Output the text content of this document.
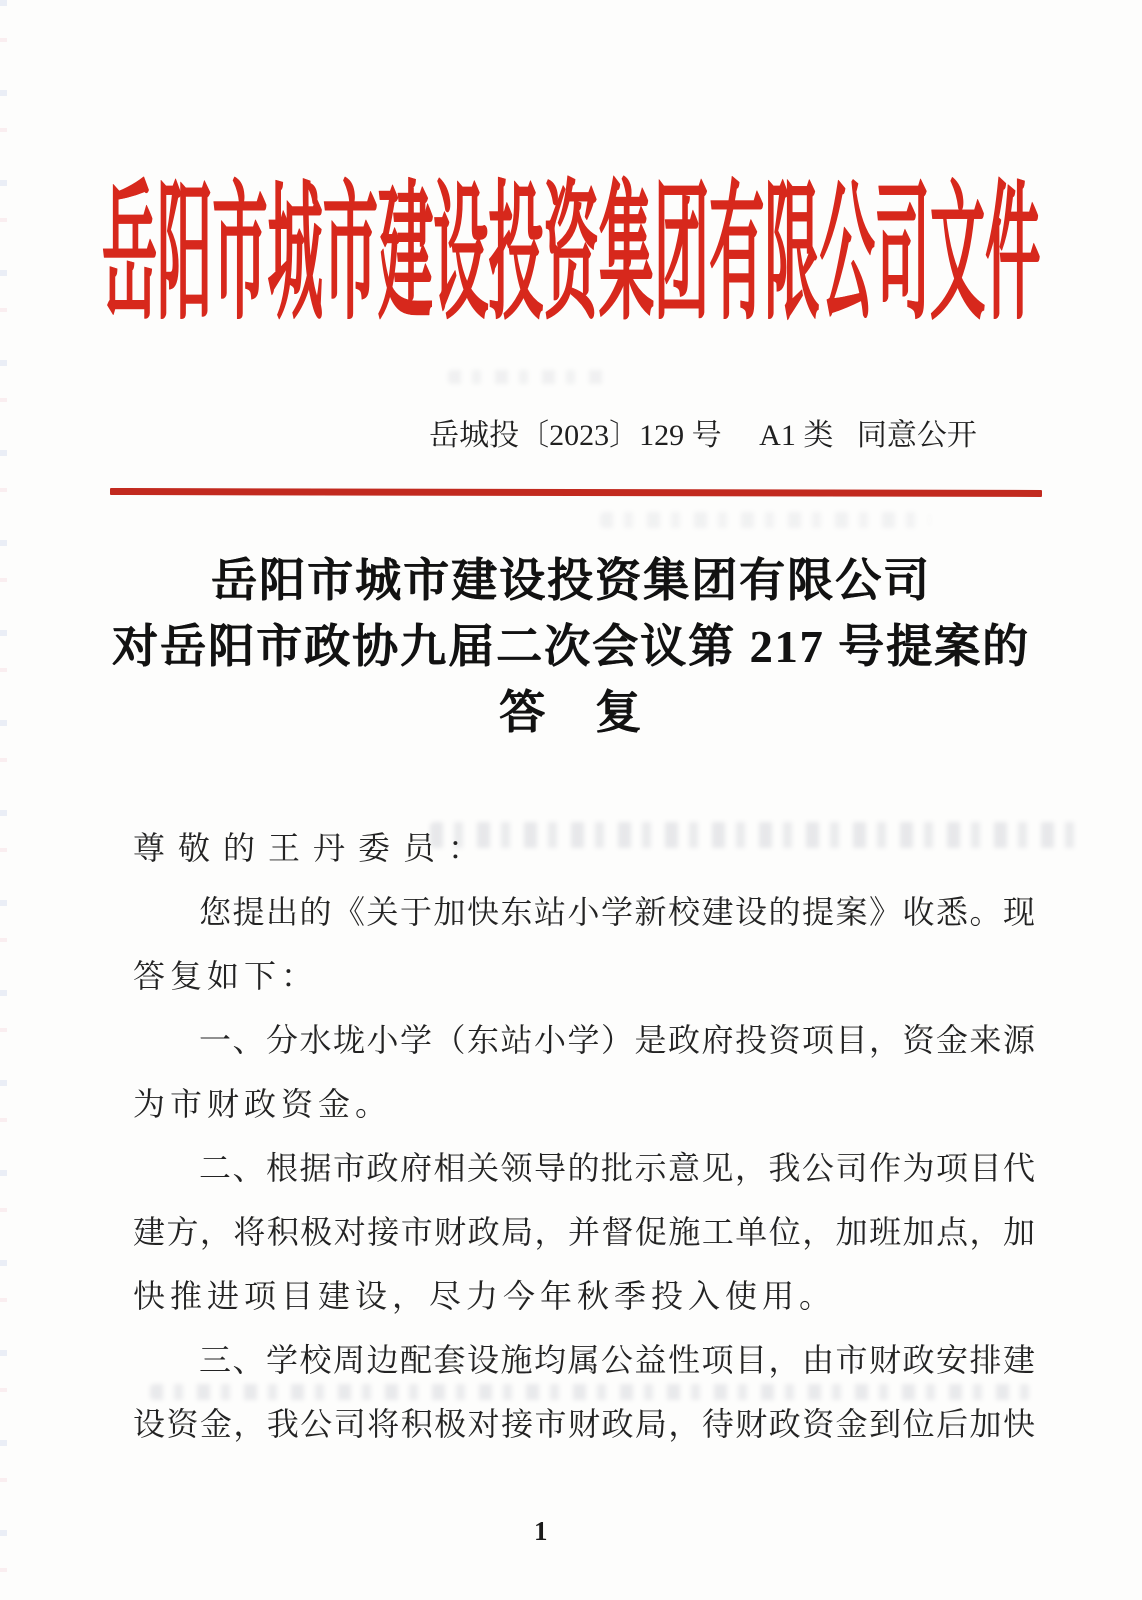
岳阳市城市建设投资集团有限公司文件
岳城投〔2023〕129 号 A1 类 同意公开
岳阳市城市建设投资集团有限公司
对岳阳市政协九届二次会议第 217 号提案的
答　复
尊敬的王丹委员：
您提出的《关于加快东站小学新校建设的提案》收悉。现
答复如下：
一、分水垅小学（东站小学）是政府投资项目，资金来源
为市财政资金。
二、根据市政府相关领导的批示意见，我公司作为项目代
建方，将积极对接市财政局，并督促施工单位，加班加点，加
快推进项目建设，尽力今年秋季投入使用。
三、学校周边配套设施均属公益性项目，由市财政安排建
设资金，我公司将积极对接市财政局，待财政资金到位后加快
1
